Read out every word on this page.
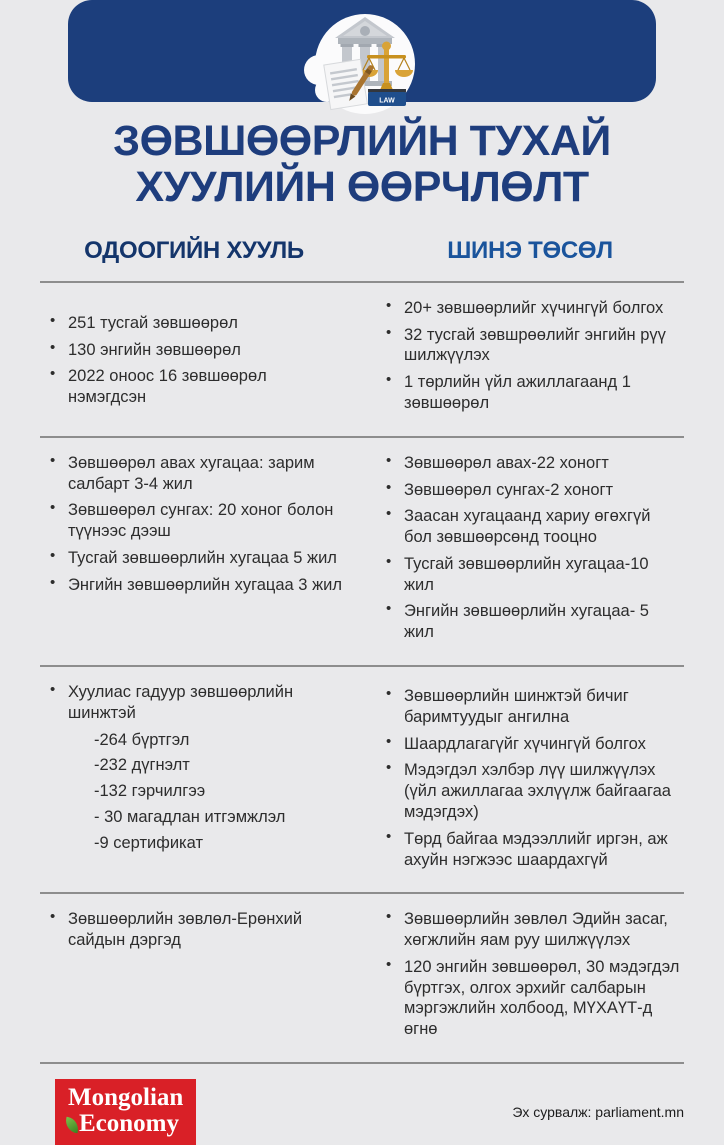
LAW
ЗӨВШӨӨРЛИЙН ТУХАЙ
ХУУЛИЙН ӨӨРЧЛӨЛТ
ОДООГИЙН ХУУЛЬ	ШИНЭ ТӨСӨЛ
• 251 тусгай зөвшөөрөл
• 130 энгийн зөвшөөрөл
• 2022 оноос 16 зөвшөөрөл нэмэгдсэн
• 20+ зөвшөөрлийг хүчингүй болгох
• 32 тусгай зөвшрөөлийг энгийн рүү шилжүүлэх
• 1 төрлийн үйл ажиллагаанд 1 зөвшөөрөл
• Зөвшөөрөл авах хугацаа: зарим салбарт 3-4 жил
• Зөвшөөрөл сунгах: 20 хоног болон түүнээс дээш
• Тусгай зөвшөөрлийн хугацаа 5 жил
• Энгийн зөвшөөрлийн хугацаа 3 жил
• Зөвшөөрөл авах-22 хоногт
• Зөвшөөрөл сунгах-2 хоногт
• Заасан хугацаанд хариу өгөхгүй бол зөвшөөрсөнд тооцно
• Тусгай зөвшөөрлийн хугацаа-10 жил
• Энгийн зөвшөөрлийн хугацаа- 5 жил
• Хуулиас гадуур зөвшөөрлийн шинжтэй
-264 бүртгэл
-232 дүгнэлт
-132 гэрчилгээ
- 30 магадлан итгэмжлэл
-9 сертификат
• Зөвшөөрлийн шинжтэй бичиг баримтуудыг ангилна
• Шаардлагагүйг хүчингүй болгох
• Мэдэгдэл хэлбэр лүү шилжүүлэх (үйл ажиллагаа эхлүүлж байгаагаа мэдэгдэх)
• Төрд байгаа мэдээллийг иргэн, аж ахуйн нэгжээс шаардахгүй
• Зөвшөөрлийн зөвлөл-Ерөнхий сайдын дэргэд
• Зөвшөөрлийн зөвлөл Эдийн засаг, хөгжлийн яам руу шилжүүлэх
• 120 энгийн зөвшөөрөл, 30 мэдэгдэл бүртгэх, олгох эрхийг салбарын мэргэжлийн холбоод, МҮХАҮТ-д өгнө
Mongolian
Economy	Эх сурвалж: parliament.mn
